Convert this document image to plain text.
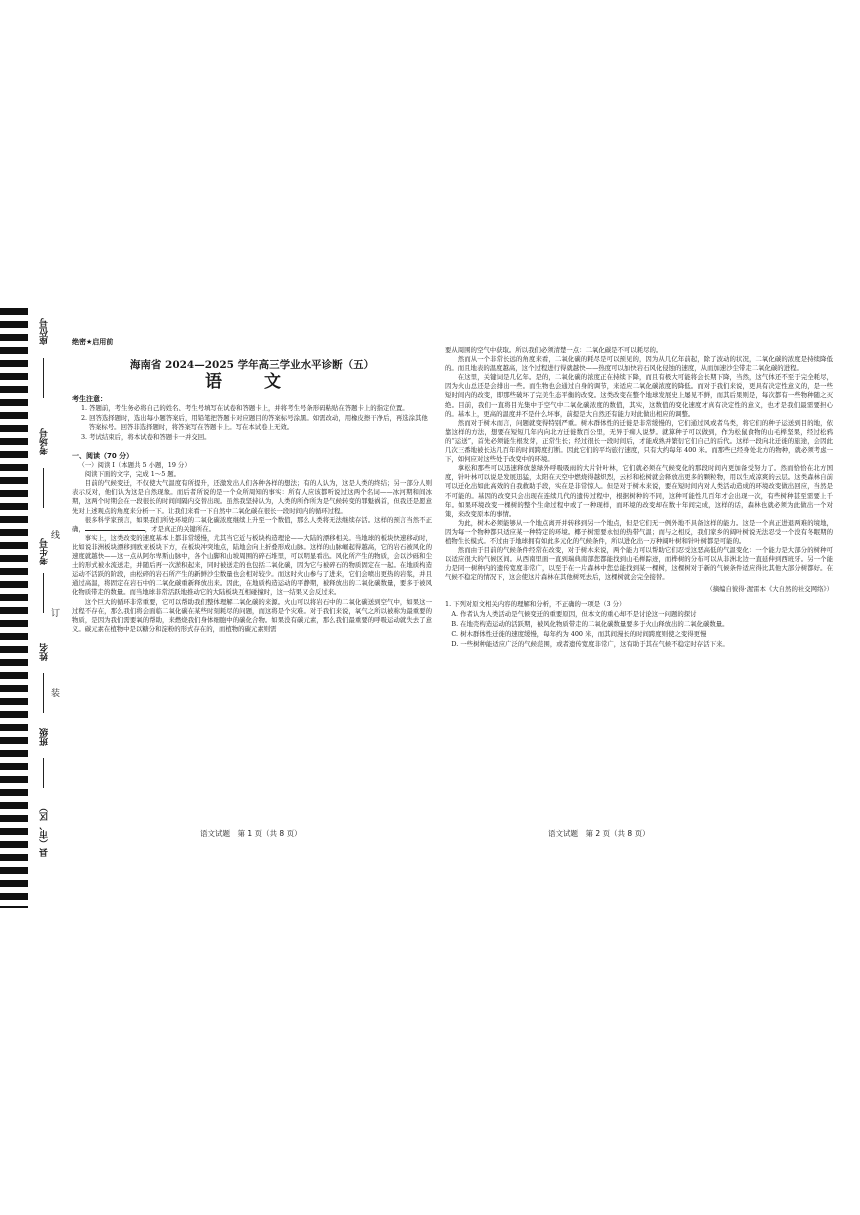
座位号
考场号
考生号
线
订
姓名
装
班级
县（市、区）
绝密★启用前
海南省 2024—2025 学年高三学业水平诊断（五）
语 文
考生注意：
1. 答题前，考生务必将自己的姓名、考生号填写在试卷和答题卡上，并将考生号条形码粘贴在答题卡上的指定位置。
2. 回答选择题时，选出每小题答案后，用铅笔把答题卡对应题目的答案标号涂黑。如需改动，用橡皮擦干净后，再选涂其他答案标号。回答非选择题时，将答案写在答题卡上。写在本试卷上无效。
3. 考试结束后，将本试卷和答题卡一并交回。
一、阅读（70 分）
（一）阅读 I（本题共 5 小题，19 分）
阅读下面的文字，完成 1～5 题。

目前的气候变迁，不仅使大气温度有所提升，还激发出人们各种各样的想法；有的人认为，这是人类的终结；另一部分人则表示反对，他们认为这是自然现象。而后者所说的是一个众所周知的事实：所有人应该都听说过这两个名词——冰河期和间冰期，这两个时期会在一段很长的时间间隔内交替出现。虽然我坚持认为，人类的所作所为是气候转变的罪魁祸首，但我还是愿意先对上述观点的角度来分析一下。让我们来看一下自然中二氧化碳在很长一段时间内的循环过程。

很多科学家预言，如果我们所处环境的二氧化碳浓度继续上升至一个数值，那么人类将无法继续存活。这样的预言当然不正确，	，才是真正的关键所在。

事实上，这类改变的速度基本上都非常缓慢，尤其当它近与板块构造理论——大陆的漂移相关。当地球的板块快速移动时，比如说非洲板块漂移到欧亚板块下方，在板块冲突地点，陆地会向上折叠形成山脉。这样的山脉崛起得越高，它的岩石被风化的速度就越快——这一点从阿尔卑斯山脉中，各个山脚和山坡周围的碎石堆里，可以明显看出。风化所产生的物质，会以沙砾和尘土的形式被水流送走，并随后再一次淤积起来，同时被送走的也包括二氧化碳，因为它与被碎石的物质固定在一起。在地质构造运动不活跃的阶段，由松碎的岩石所产生的新鲜沙尘数量也会相对较少。而这时火山参与了进来，它们会喷出更热的岩浆，并且通过高温，将固定在岩石中的二氧化碳重新释放出来。因此，在地质构造运动的平静期，被释放出的二氧化碳数量，要多于被风化物质带走的数量。而当地球非常活跃地推动它的大陆板块互相碰撞时，这一结果又会反过来。

这个巨大的循环非常重要，它可以帮助我们整体理解二氧化碳的来源。火山可以将岩石中的二氧化碳送到空气中，如果这一过程不存在，那么我们将会面临二氧化碳在某些时刻耗尽的问题，而这将是个灾难。对于我们来说，氧气之所以被称为最重要的物质，是因为我们需要氧的帮助，来燃烧我们身体细胞中的碳化合物。如果没有碳元素，那么我们最重要的呼吸运动就失去了意义。碳元素在植物中是以糖分和淀粉的形式存在的，而植物的碳元素则需

要从周围的空气中获取。所以我们必须清楚一点：二氧化碳是不可以耗尽的。

然而从一个非常长远的角度来看，二氧化碳的耗尽是可以预见的，因为从几亿年前起，除了波动的状况，二氧化碳的浓度是持续降低的。而且地表的温度越高，这个过程进行得就越快——热度可以加快岩石风化侵蚀的速度，从而加速沙尘带走二氧化碳的进程。

在这里，关键词是几亿年。是的，二氧化碳的浓度正在持续下降，而且有极大可能将会长期下降，当然，这气体还不至于完全耗尽，因为火山总还是会排出一些。而生物也会通过自身的调节，来适应二氧化碳浓度的降低。而对于我们来说，更具有决定性意义的，是一些短时间内的改变，即那些破坏了完美生态平衡的改变。这类改变在整个地球发展史上屡见不鲜，而其后果则是，每次都有一些物种随之灭绝。目前，我们一直将目光集中于空气中二氧化碳浓度的数值，其实，这数值的变化速度才真有决定性的意义，也才是我们最需要担心的。基本上，更高的温度并不是什么坏事，前提是大自然还有能力对此做出相应的调整。

然而对于树木而言，问题就变得特别严重。树木群体性的迁徙是非常缓慢的，它们通过风或者鸟类，将它们的种子运送到目的地，依靠这样的方法，想要在短短几年内向北方迁徙数百公里，无异于痴人说梦。就算种子可以做到，作为松鼠食物的山毛榉坚果，经过松鸦的“运送”，首先必须能生根发芽，正常生长；经过很长一段时间后，才能成熟并繁衍它们自己的后代。这样一段向北迁徙的旅途，会因此几次三番地被长达几百年的时间跨度打断。因此它们的平均旅行速度，只有大约每年 400 米。而那些已经身处北方的物种，就必须考虑一下，如何应对这些处于改变中的环境。

拿松和那些可以迅速释放葱绿外呼吸吸雨的大片针叶林，它们就必须在气候变化的那段时间内更加备受努力了。然而恰恰在北方国度，针叶林可以说是发展迅猛，太阳在天空中燃烧得越炽烈，云杉和松树就会释放出更多的颗粒物，用以生成凉爽的云层。这类森林自前可以迁化出如此高效的自我救助手段，实在是非常惊人。但是对于树木来说，要在短时间内对人类活动造成的环境改变做出回应，当然是不可能的。基因的改变只会出现在连续几代的遗传过程中，根据树种的不同，这种可能性几百年才会出现一次，有些树种甚至需要上千年。如果环境改变一棵树的整个生命过程中或了一种现样，而环境的改变却在数十年间完成，这样的话，森林也就必须为此做出一个对策，来改变原本的事情。

为此，树木必须能够从一个地点离开并转移到另一个地点，但是它们无一例外地不具备这样的能力。这是一个真正进退两难的境地，因为每一个物种都只适应某一种特定的环境。椰子树需要永恒的热带气温；而与之相反，我们家乡的阔叶树说无法忍受一个没有冬眠期的植物生长模式。不过由于地球拥有如此多元化的气候条件，所以进化出一万种阔叶树和针叶树都是可能的。

然而由于目前的气候条件经常在改变，对于树木来说，两个能力可以帮助它们忍受这恶高低的气温变化：一个能力是大部分的树种可以适应很大的气候区间。从西南里面一直到瑞典南部您都能找到山毛榉踪迹，而桦树的分布可以从非洲北边一直延伸到西班牙。另一个能力是同一树种内的遗传宽度非常广，以至于在一片森林中您总能找到某一棵树，这棵树对于新的气候条件适应得比其他大部分树都好。在气候不稳定的情况下，这会使这片森林在其他树死去后，这棵树就会完全接替。

（摘编自彼得·渥雷本《大自然的社交网络》）
1. 下列对原文相关内容的理解和分析，不正确的一项是（3 分）
A. 作者认为人类活动是气候变迁的重要原因，但本文的重心却不是讨论这一问题的探讨
B. 在地壳构造运动的活跃期，被风化物质带走的二氧化碳数量要多于火山释放出的二氧化碳数量。
C. 树木群体性迁徙的速度缓慢，每年约为 400 米，而其间漫长的时间跨度则使之变得更慢
D. 一些树种能适应广泛的气候范围，或者遗传宽度非常广，这有助于其在气候不稳定时存活下来。
语文试题　第 1 页（共 8 页）	语文试题　第 2 页（共 8 页）
